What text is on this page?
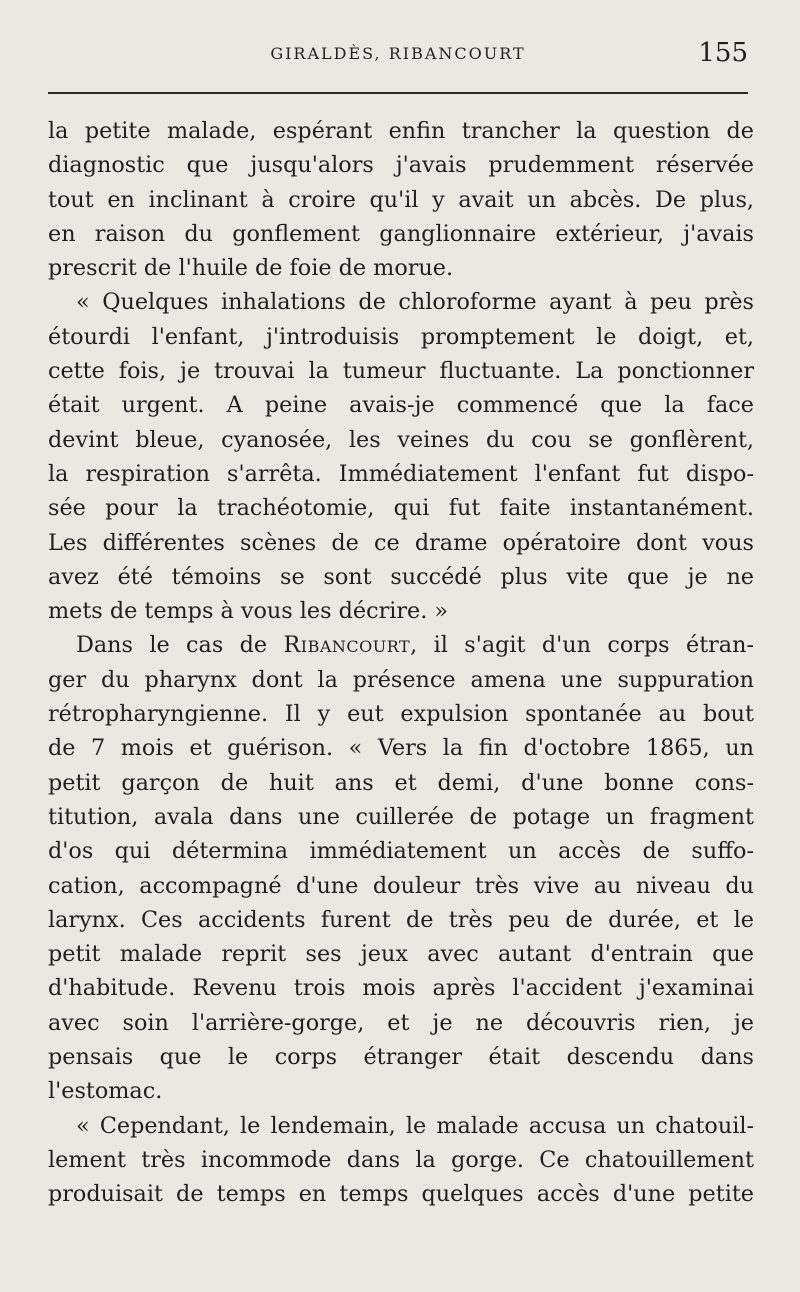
GIRALDÈS, RIBANCOURT	155
la petite malade, espérant enfin trancher la question de
diagnostic que jusqu'alors j'avais prudemment réservée
tout en inclinant à croire qu'il y avait un abcès. De plus,
en raison du gonflement ganglionnaire extérieur, j'avais
prescrit de l'huile de foie de morue.
« Quelques inhalations de chloroforme ayant à peu près
étourdi l'enfant, j'introduisis promptement le doigt, et,
cette fois, je trouvai la tumeur fluctuante. La ponctionner
était urgent. A peine avais-je commencé que la face
devint bleue, cyanosée, les veines du cou se gonflèrent,
la respiration s'arrêta. Immédiatement l'enfant fut dispo-
sée pour la trachéotomie, qui fut faite instantanément.
Les différentes scènes de ce drame opératoire dont vous
avez été témoins se sont succédé plus vite que je ne
mets de temps à vous les décrire. »
Dans le cas de Ribancourt, il s'agit d'un corps étran-
ger du pharynx dont la présence amena une suppuration
rétropharyngienne. Il y eut expulsion spontanée au bout
de 7 mois et guérison. « Vers la fin d'octobre 1865, un
petit garçon de huit ans et demi, d'une bonne cons-
titution, avala dans une cuillerée de potage un fragment
d'os qui détermina immédiatement un accès de suffo-
cation, accompagné d'une douleur très vive au niveau du
larynx. Ces accidents furent de très peu de durée, et le
petit malade reprit ses jeux avec autant d'entrain que
d'habitude. Revenu trois mois après l'accident j'examinai
avec soin l'arrière-gorge, et je ne découvris rien, je
pensais que le corps étranger était descendu dans
l'estomac.
« Cependant, le lendemain, le malade accusa un chatouil-
lement très incommode dans la gorge. Ce chatouillement
produisait de temps en temps quelques accès d'une petite
